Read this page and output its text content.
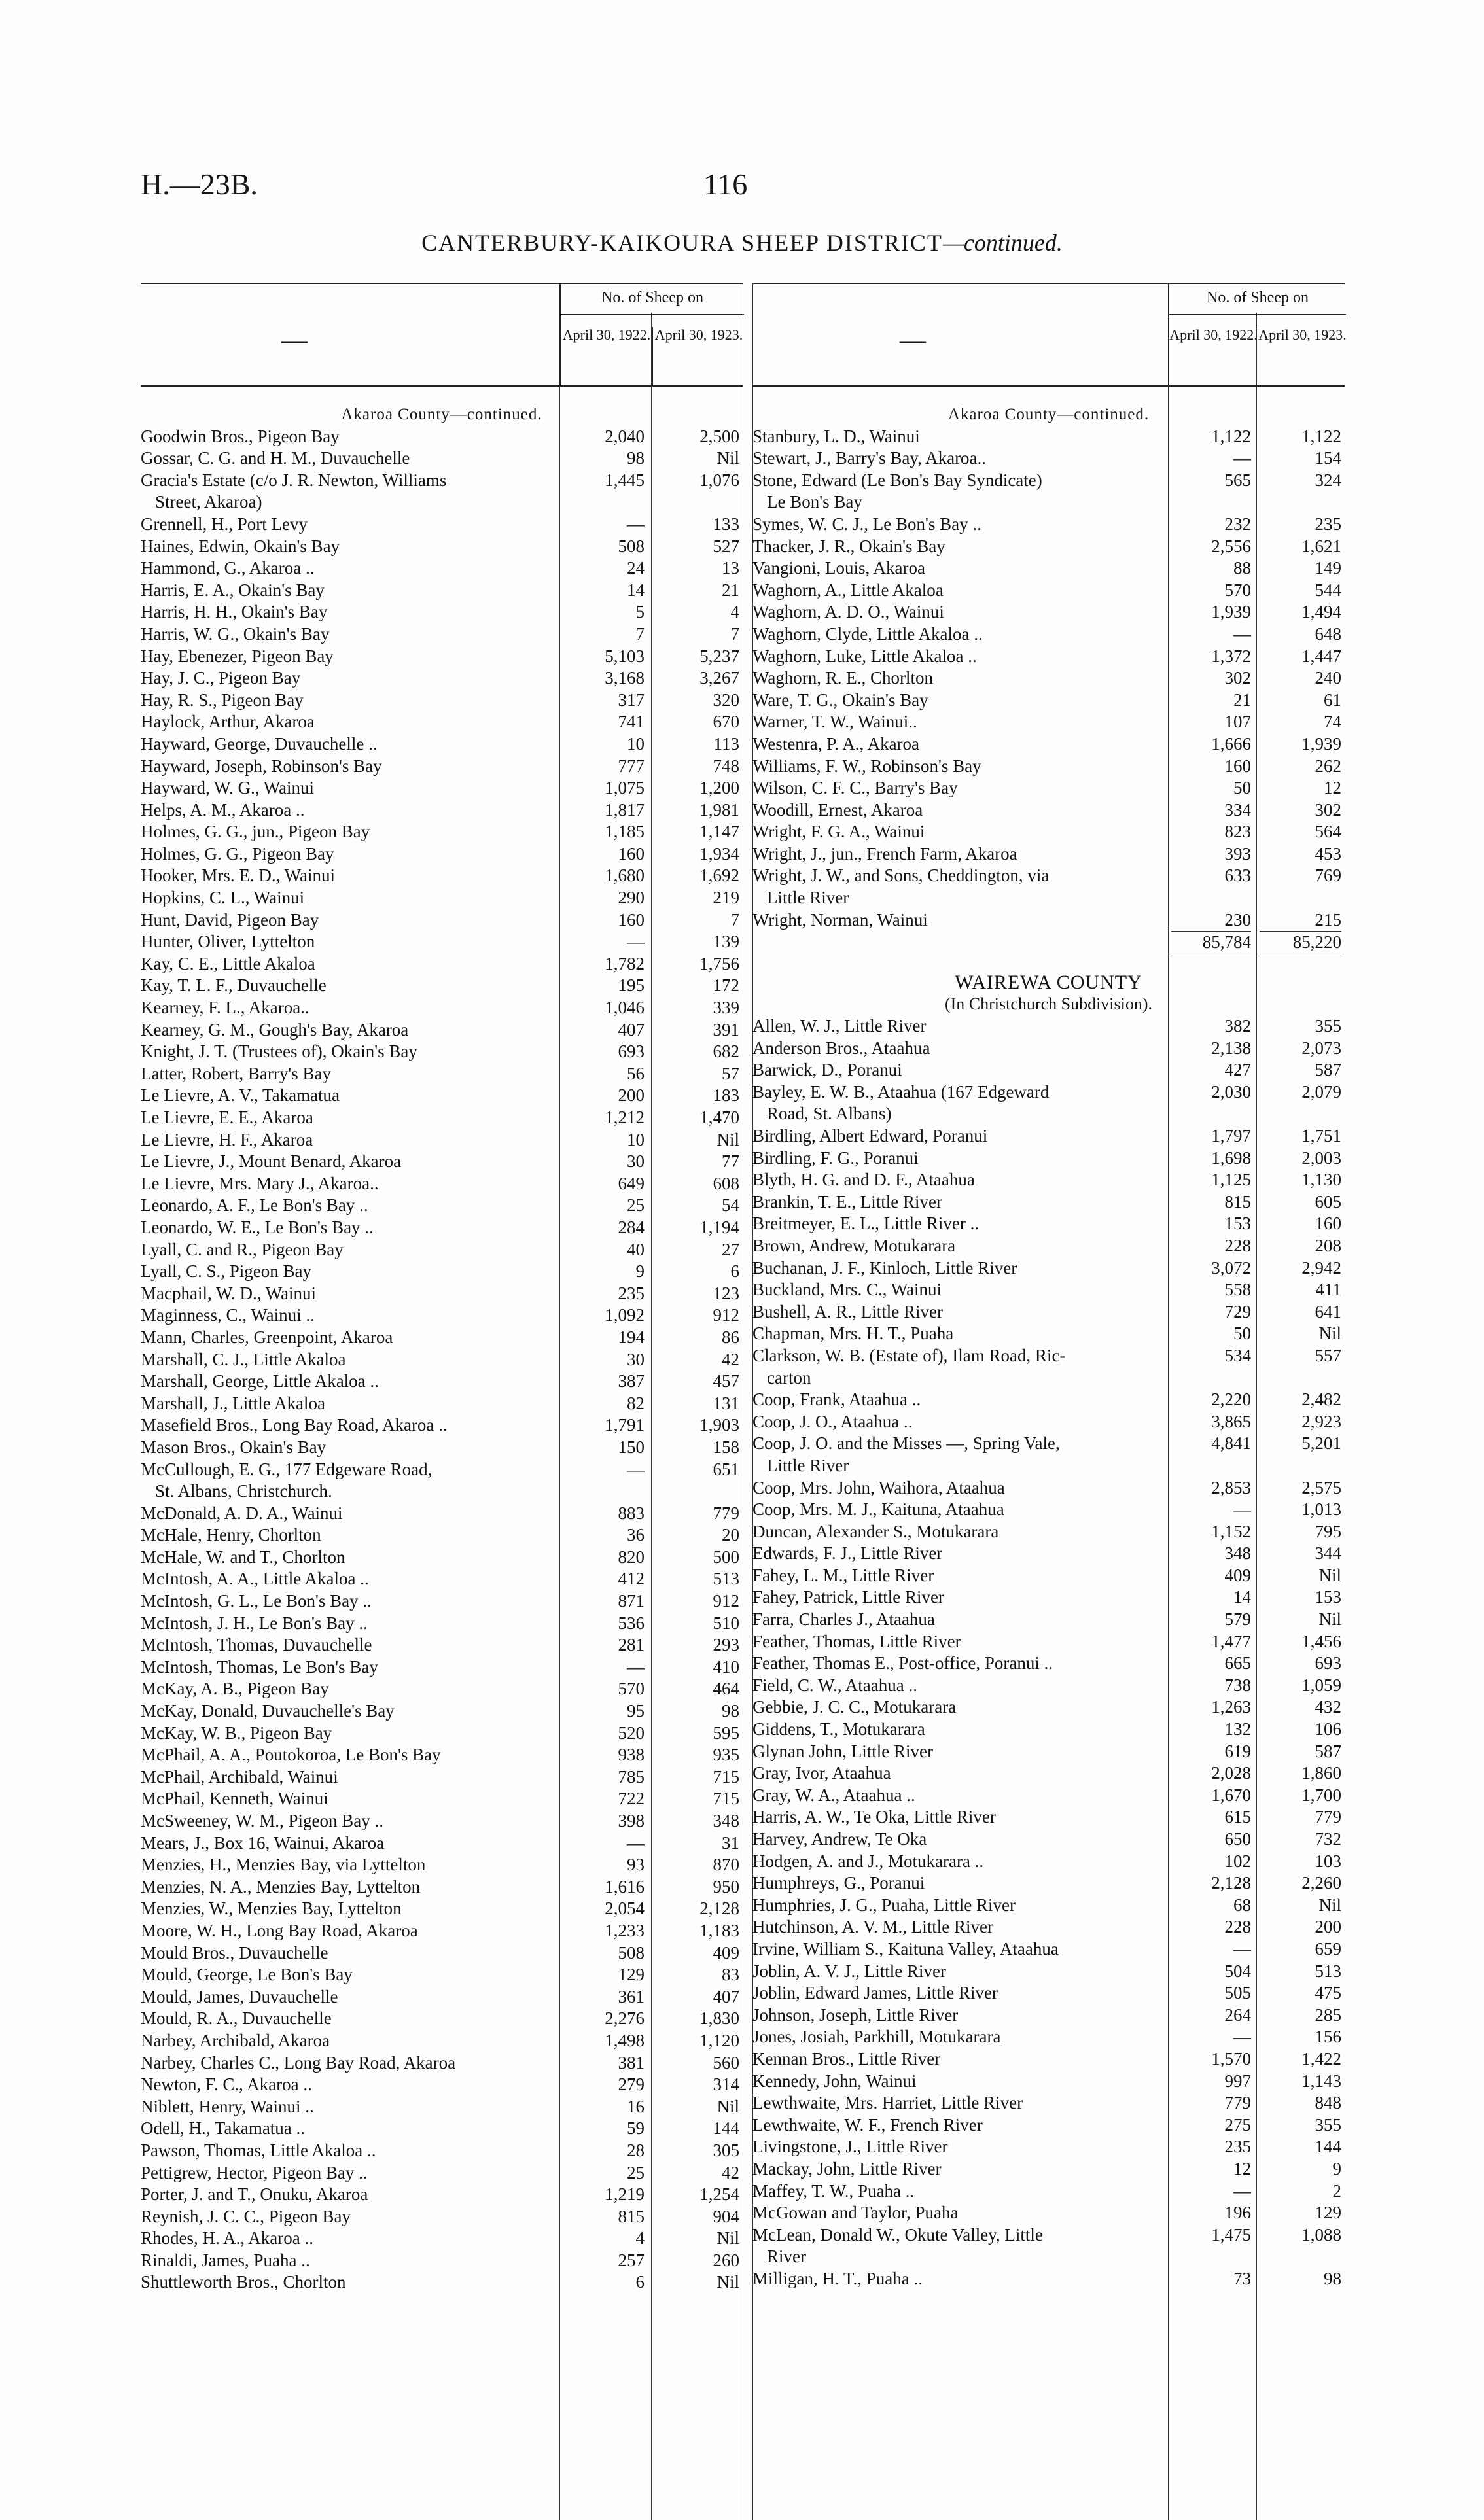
H.—23B.	116
CANTERBURY-KAIKOURA SHEEP DISTRICT—continued.
—
No. of Sheep on
April 30, 1922. April 30, 1923.
Akaroa County—continued.
Goodwin Bros., Pigeon Bay	2,040	2,500
Gossar, C. G. and H. M., Duvauchelle	98	Nil
Gracia's Estate (c/o J. R. Newton, Williams	1,445	1,076
Street, Akaroa)
Grennell, H., Port Levy	—	133
Haines, Edwin, Okain's Bay	508	527
Hammond, G., Akaroa ..	24	13
Harris, E. A., Okain's Bay	14	21
Harris, H. H., Okain's Bay	5	4
Harris, W. G., Okain's Bay	7	7
Hay, Ebenezer, Pigeon Bay	5,103	5,237
Hay, J. C., Pigeon Bay	3,168	3,267
Hay, R. S., Pigeon Bay	317	320
Haylock, Arthur, Akaroa	741	670
Hayward, George, Duvauchelle ..	10	113
Hayward, Joseph, Robinson's Bay	777	748
Hayward, W. G., Wainui	1,075	1,200
Helps, A. M., Akaroa ..	1,817	1,981
Holmes, G. G., jun., Pigeon Bay	1,185	1,147
Holmes, G. G., Pigeon Bay	160	1,934
Hooker, Mrs. E. D., Wainui	1,680	1,692
Hopkins, C. L., Wainui	290	219
Hunt, David, Pigeon Bay	160	7
Hunter, Oliver, Lyttelton	—	139
Kay, C. E., Little Akaloa	1,782	1,756
Kay, T. L. F., Duvauchelle	195	172
Kearney, F. L., Akaroa..	1,046	339
Kearney, G. M., Gough's Bay, Akaroa	407	391
Knight, J. T. (Trustees of), Okain's Bay	693	682
Latter, Robert, Barry's Bay	56	57
Le Lievre, A. V., Takamatua	200	183
Le Lievre, E. E., Akaroa	1,212	1,470
Le Lievre, H. F., Akaroa	10	Nil
Le Lievre, J., Mount Benard, Akaroa	30	77
Le Lievre, Mrs. Mary J., Akaroa..	649	608
Leonardo, A. F., Le Bon's Bay ..	25	54
Leonardo, W. E., Le Bon's Bay ..	284	1,194
Lyall, C. and R., Pigeon Bay	40	27
Lyall, C. S., Pigeon Bay	9	6
Macphail, W. D., Wainui	235	123
Maginness, C., Wainui ..	1,092	912
Mann, Charles, Greenpoint, Akaroa	194	86
Marshall, C. J., Little Akaloa	30	42
Marshall, George, Little Akaloa ..	387	457
Marshall, J., Little Akaloa	82	131
Masefield Bros., Long Bay Road, Akaroa ..	1,791	1,903
Mason Bros., Okain's Bay	150	158
McCullough, E. G., 177 Edgeware Road,	—	651
St. Albans, Christchurch.
McDonald, A. D. A., Wainui	883	779
McHale, Henry, Chorlton	36	20
McHale, W. and T., Chorlton	820	500
McIntosh, A. A., Little Akaloa ..	412	513
McIntosh, G. L., Le Bon's Bay ..	871	912
McIntosh, J. H., Le Bon's Bay ..	536	510
McIntosh, Thomas, Duvauchelle	281	293
McIntosh, Thomas, Le Bon's Bay	—	410
McKay, A. B., Pigeon Bay	570	464
McKay, Donald, Duvauchelle's Bay	95	98
McKay, W. B., Pigeon Bay	520	595
McPhail, A. A., Poutokoroa, Le Bon's Bay	938	935
McPhail, Archibald, Wainui	785	715
McPhail, Kenneth, Wainui	722	715
McSweeney, W. M., Pigeon Bay ..	398	348
Mears, J., Box 16, Wainui, Akaroa	—	31
Menzies, H., Menzies Bay, via Lyttelton	93	870
Menzies, N. A., Menzies Bay, Lyttelton	1,616	950
Menzies, W., Menzies Bay, Lyttelton	2,054	2,128
Moore, W. H., Long Bay Road, Akaroa	1,233	1,183
Mould Bros., Duvauchelle	508	409
Mould, George, Le Bon's Bay	129	83
Mould, James, Duvauchelle	361	407
Mould, R. A., Duvauchelle	2,276	1,830
Narbey, Archibald, Akaroa	1,498	1,120
Narbey, Charles C., Long Bay Road, Akaroa	381	560
Newton, F. C., Akaroa ..	279	314
Niblett, Henry, Wainui ..	16	Nil
Odell, H., Takamatua ..	59	144
Pawson, Thomas, Little Akaloa ..	28	305
Pettigrew, Hector, Pigeon Bay ..	25	42
Porter, J. and T., Onuku, Akaroa	1,219	1,254
Reynish, J. C. C., Pigeon Bay	815	904
Rhodes, H. A., Akaroa ..	4	Nil
Rinaldi, James, Puaha ..	257	260
Shuttleworth Bros., Chorlton	6	Nil
—
No. of Sheep on
April 30, 1922. April 30, 1923.
Akaroa County—continued.
Stanbury, L. D., Wainui	1,122	1,122
Stewart, J., Barry's Bay, Akaroa..	—	154
Stone, Edward (Le Bon's Bay Syndicate)	565	324
Le Bon's Bay
Symes, W. C. J., Le Bon's Bay ..	232	235
Thacker, J. R., Okain's Bay	2,556	1,621
Vangioni, Louis, Akaroa	88	149
Waghorn, A., Little Akaloa	570	544
Waghorn, A. D. O., Wainui	1,939	1,494
Waghorn, Clyde, Little Akaloa ..	—	648
Waghorn, Luke, Little Akaloa ..	1,372	1,447
Waghorn, R. E., Chorlton	302	240
Ware, T. G., Okain's Bay	21	61
Warner, T. W., Wainui..	107	74
Westenra, P. A., Akaroa	1,666	1,939
Williams, F. W., Robinson's Bay	160	262
Wilson, C. F. C., Barry's Bay	50	12
Woodill, Ernest, Akaroa	334	302
Wright, F. G. A., Wainui	823	564
Wright, J., jun., French Farm, Akaroa	393	453
Wright, J. W., and Sons, Cheddington, via	633	769
Little River
Wright, Norman, Wainui	230	215
85,784	85,220
WAIREWA COUNTY
(In Christchurch Subdivision).
Allen, W. J., Little River	382	355
Anderson Bros., Ataahua	2,138	2,073
Barwick, D., Poranui	427	587
Bayley, E. W. B., Ataahua (167 Edgeward	2,030	2,079
Road, St. Albans)
Birdling, Albert Edward, Poranui	1,797	1,751
Birdling, F. G., Poranui	1,698	2,003
Blyth, H. G. and D. F., Ataahua	1,125	1,130
Brankin, T. E., Little River	815	605
Breitmeyer, E. L., Little River ..	153	160
Brown, Andrew, Motukarara	228	208
Buchanan, J. F., Kinloch, Little River	3,072	2,942
Buckland, Mrs. C., Wainui	558	411
Bushell, A. R., Little River	729	641
Chapman, Mrs. H. T., Puaha	50	Nil
Clarkson, W. B. (Estate of), Ilam Road, Ric-	534	557
carton
Coop, Frank, Ataahua ..	2,220	2,482
Coop, J. O., Ataahua ..	3,865	2,923
Coop, J. O. and the Misses —, Spring Vale,	4,841	5,201
Little River
Coop, Mrs. John, Waihora, Ataahua	2,853	2,575
Coop, Mrs. M. J., Kaituna, Ataahua	—	1,013
Duncan, Alexander S., Motukarara	1,152	795
Edwards, F. J., Little River	348	344
Fahey, L. M., Little River	409	Nil
Fahey, Patrick, Little River	14	153
Farra, Charles J., Ataahua	579	Nil
Feather, Thomas, Little River	1,477	1,456
Feather, Thomas E., Post-office, Poranui ..	665	693
Field, C. W., Ataahua ..	738	1,059
Gebbie, J. C. C., Motukarara	1,263	432
Giddens, T., Motukarara	132	106
Glynan John, Little River	619	587
Gray, Ivor, Ataahua	2,028	1,860
Gray, W. A., Ataahua ..	1,670	1,700
Harris, A. W., Te Oka, Little River	615	779
Harvey, Andrew, Te Oka	650	732
Hodgen, A. and J., Motukarara ..	102	103
Humphreys, G., Poranui	2,128	2,260
Humphries, J. G., Puaha, Little River	68	Nil
Hutchinson, A. V. M., Little River	228	200
Irvine, William S., Kaituna Valley, Ataahua	—	659
Joblin, A. V. J., Little River	504	513
Joblin, Edward James, Little River	505	475
Johnson, Joseph, Little River	264	285
Jones, Josiah, Parkhill, Motukarara	—	156
Kennan Bros., Little River	1,570	1,422
Kennedy, John, Wainui	997	1,143
Lewthwaite, Mrs. Harriet, Little River	779	848
Lewthwaite, W. F., French River	275	355
Livingstone, J., Little River	235	144
Mackay, John, Little River	12	9
Maffey, T. W., Puaha ..	—	2
McGowan and Taylor, Puaha	196	129
McLean, Donald W., Okute Valley, Little	1,475	1,088
River
Milligan, H. T., Puaha ..	73	98
